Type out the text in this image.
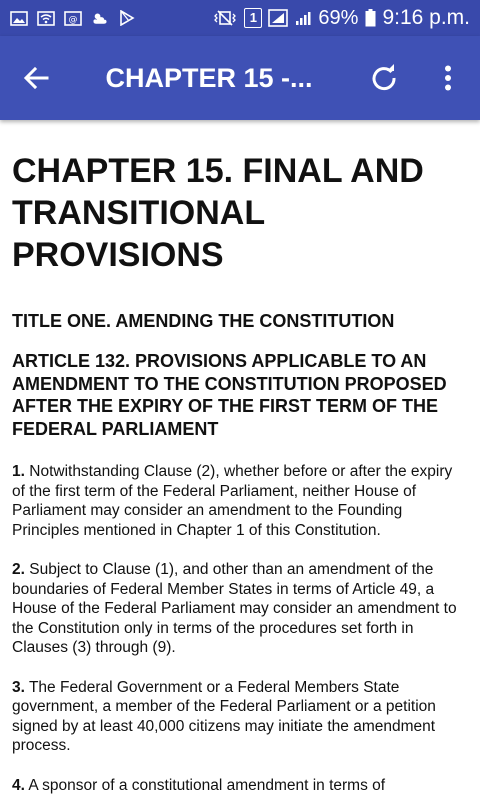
@	1	69% 9:16 p.m.
CHAPTER 15 -...
CHAPTER 15. FINAL AND TRANSITIONAL PROVISIONS
TITLE ONE. AMENDING THE CONSTITUTION
ARTICLE 132. PROVISIONS APPLICABLE TO AN AMENDMENT TO THE CONSTITUTION PROPOSED AFTER THE EXPIRY OF THE FIRST TERM OF THE FEDERAL PARLIAMENT
1. Notwithstanding Clause (2), whether before or after the expiry of the first term of the Federal Parliament, neither House of Parliament may consider an amendment to the Founding Principles mentioned in Chapter 1 of this Constitution.
2. Subject to Clause (1), and other than an amendment of the boundaries of Federal Member States in terms of Article 49, a House of the Federal Parliament may consider an amendment to the Constitution only in terms of the procedures set forth in Clauses (3) through (9).
3. The Federal Government or a Federal Members State government, a member of the Federal Parliament or a petition signed by at least 40,000 citizens may initiate the amendment process.
4. A sponsor of a constitutional amendment in terms of
